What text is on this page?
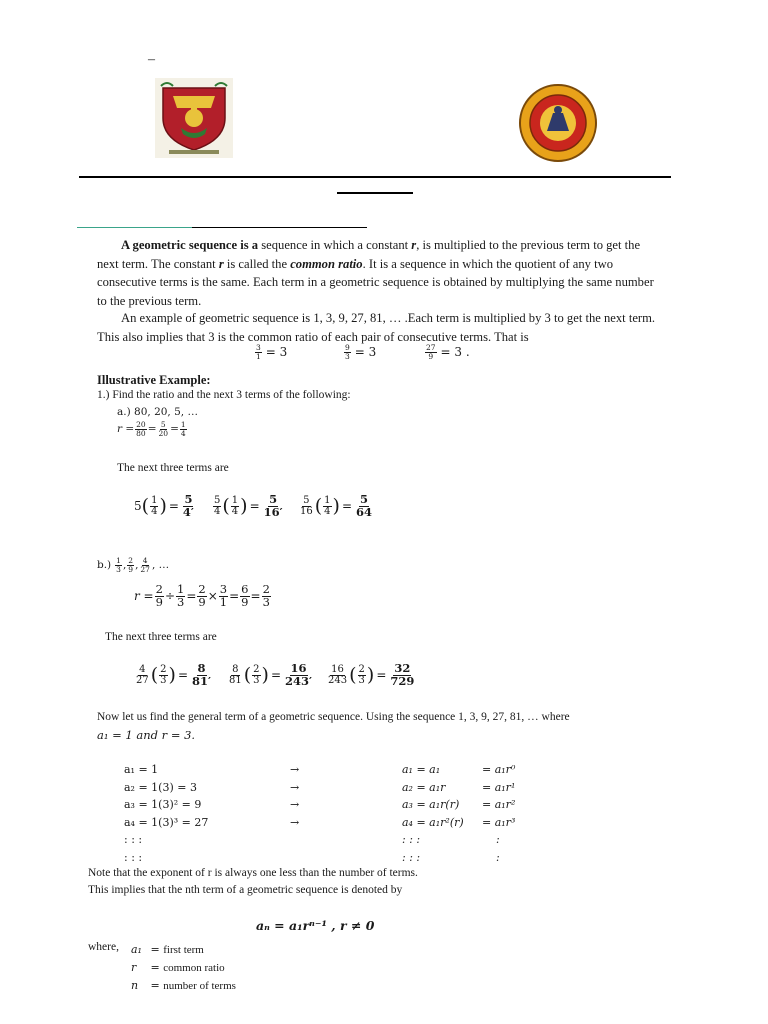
–
A geometric sequence is a sequence in which a constant r, is multiplied to the previous term to get the next term. The constant r is called the common ratio. It is a sequence in which the quotient of any two consecutive terms is the same. Each term in a geometric sequence is obtained by multiplying the same number to the previous term.
An example of geometric sequence is 1, 3, 9, 27, 81, … .Each term is multiplied by 3 to get the next term. This also implies that 3 is the common ratio of each pair of consecutive terms. That is
$\frac{3}{1} = 3$	$\frac{9}{3} = 3$	$\frac{27}{9} = 3$ .
Illustrative Example:
1.) Find the ratio and the next 3 terms of the following:
a.) 80, 20, 5, …
$r = \frac{20}{80} = \frac{5}{20} = \frac{1}{4}$
The next three terms are
5 ( $\frac{1}{4}$ ) = $\frac{5}{4'} \frac{5}{4}$ ( $\frac{1}{4}$ ) = $\frac{5}{16'} \frac{5}{16}$ ( $\frac{1}{4}$ ) = $\frac{5}{64}$
$b.) \frac{1}{3}$ , $\frac{2}{9}$ , $\frac{4}{27}$ , …
$r = \frac{2}{9} \div \frac{1}{3} = \frac{2}{9} \times \frac{3}{1} = \frac{6}{9} = \frac{2}{3}$
The next three terms are
$\frac{4}{27}$ ( $\frac{2}{3}$ ) = $\frac{8}{81'} \frac{8}{81}$ ( $\frac{2}{3}$ ) = $\frac{16}{243'} \frac{16}{243}$ ( $\frac{2}{3}$ ) = $\frac{32}{729}$
Now let us find the general term of a geometric sequence. Using the sequence 1, 3, 9, 27, 81, … where
a₁ = 1 and r = 3.
a₁ = 1
a₂ = 1(3) = 3
a₃ = 1(3)² = 9
a₄ = 1(3)³ = 27
: : :
: : :
→
→
→
→
a₁ = a₁
a₂ = a₁r
a₃ = a₁r(r)
a₄ = a₁r²(r)
: : :
: : :
= a₁r⁰
= a₁r¹
= a₁r²
= a₁r³
:
:
Note that the exponent of r is always one less than the number of terms.
This implies that the nth term of a geometric sequence is denoted by
aₙ = a₁rⁿ⁻¹ , r ≠ 0
where, a₁ = first term
r = common ratio
n = number of terms
